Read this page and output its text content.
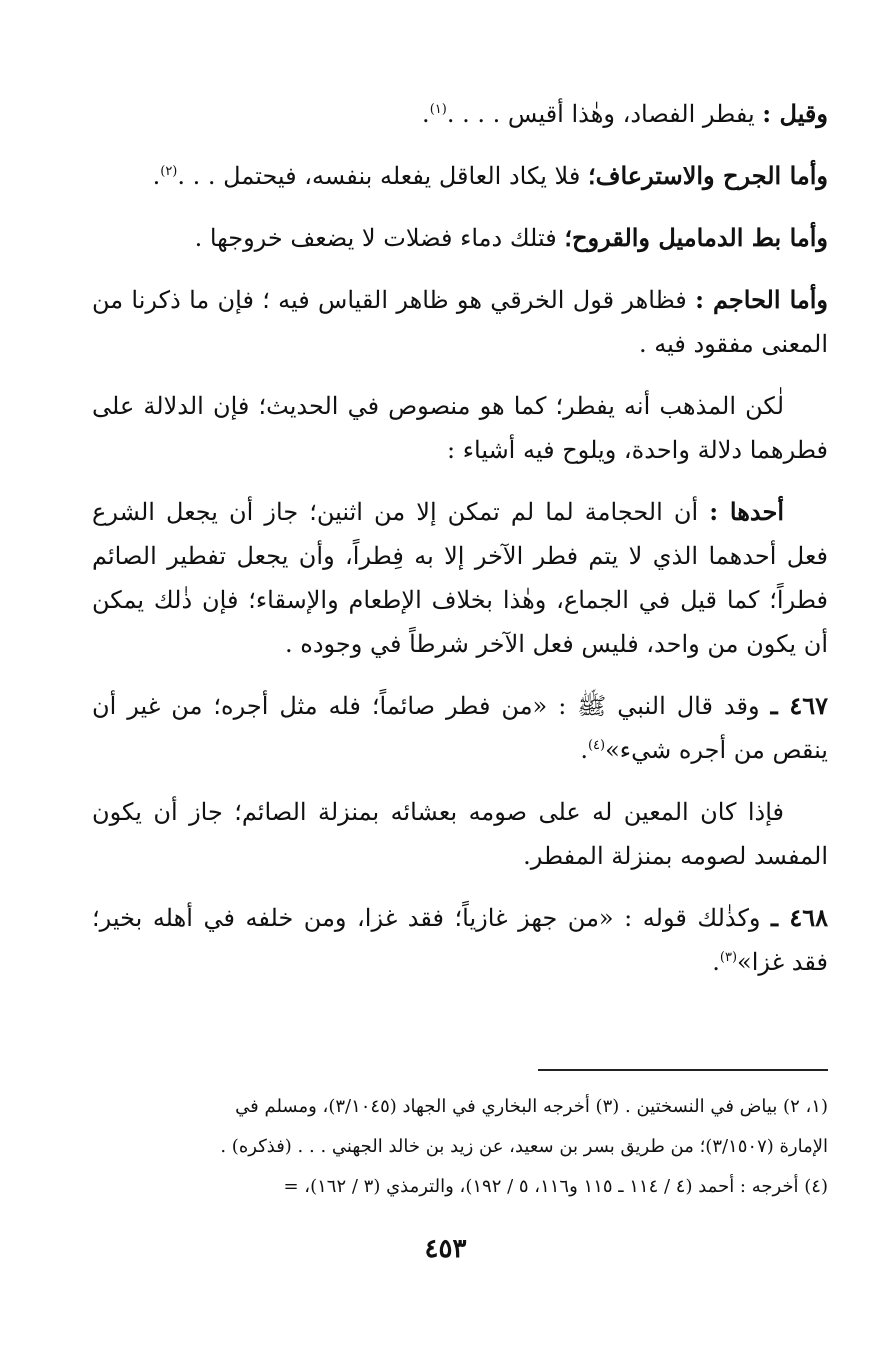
وقيل : يفطر الفصاد، وهٰذا أقيس . . . .$^{(١)}$.

وأما الجرح والاسترعاف؛ فلا يكاد العاقل يفعله بنفسه، فيحتمل . . .$^{(٢)}$.

وأما بط الدماميل والقروح؛ فتلك دماء فضلات لا يضعف خروجها .

وأما الحاجم : فظاهر قول الخرقي هو ظاهر القياس فيه ؛ فإن ما ذكرنا من المعنى مفقود فيه .

لٰكن المذهب أنه يفطر؛ كما هو منصوص في الحديث؛ فإن الدلالة على فطرهما دلالة واحدة، ويلوح فيه أشياء :

أحدها : أن الحجامة لما لم تمكن إلا من اثنين؛ جاز أن يجعل الشرع فعل أحدهما الذي لا يتم فطر الآخر إلا به فِطراً، وأن يجعل تفطير الصائم فطراً؛ كما قيل في الجماع، وهٰذا بخلاف الإطعام والإسقاء؛ فإن ذٰلك يمكن أن يكون من واحد، فليس فعل الآخر شرطاً في وجوده .

٤٦٧ ـ وقد قال النبي ﷺ : «من فطر صائماً؛ فله مثل أجره؛ من غير أن ينقص من أجره شيء»$^{(٤)}$.

فإذا كان المعين له على صومه بعشائه بمنزلة الصائم؛ جاز أن يكون المفسد لصومه بمنزلة المفطر.

٤٦٨ ـ وكذٰلك قوله : «من جهز غازياً؛ فقد غزا، ومن خلفه في أهله بخير؛ فقد غزا»$^{(٣)}$.

(١، ٢) بياض في النسختين . (٣) أخرجه البخاري في الجهاد (٣/١٠٤٥)، ومسلم في

الإمارة (٣/١٥٠٧)؛ من طريق بسر بن سعيد، عن زيد بن خالد الجهني . . . (فذكره) .

(٤) أخرجه : أحمد (٤ / ١١٤ ـ ١١٥ و١١٦، ٥ / ١٩٢)، والترمذي (٣ / ١٦٢)، =

٤٥٣
